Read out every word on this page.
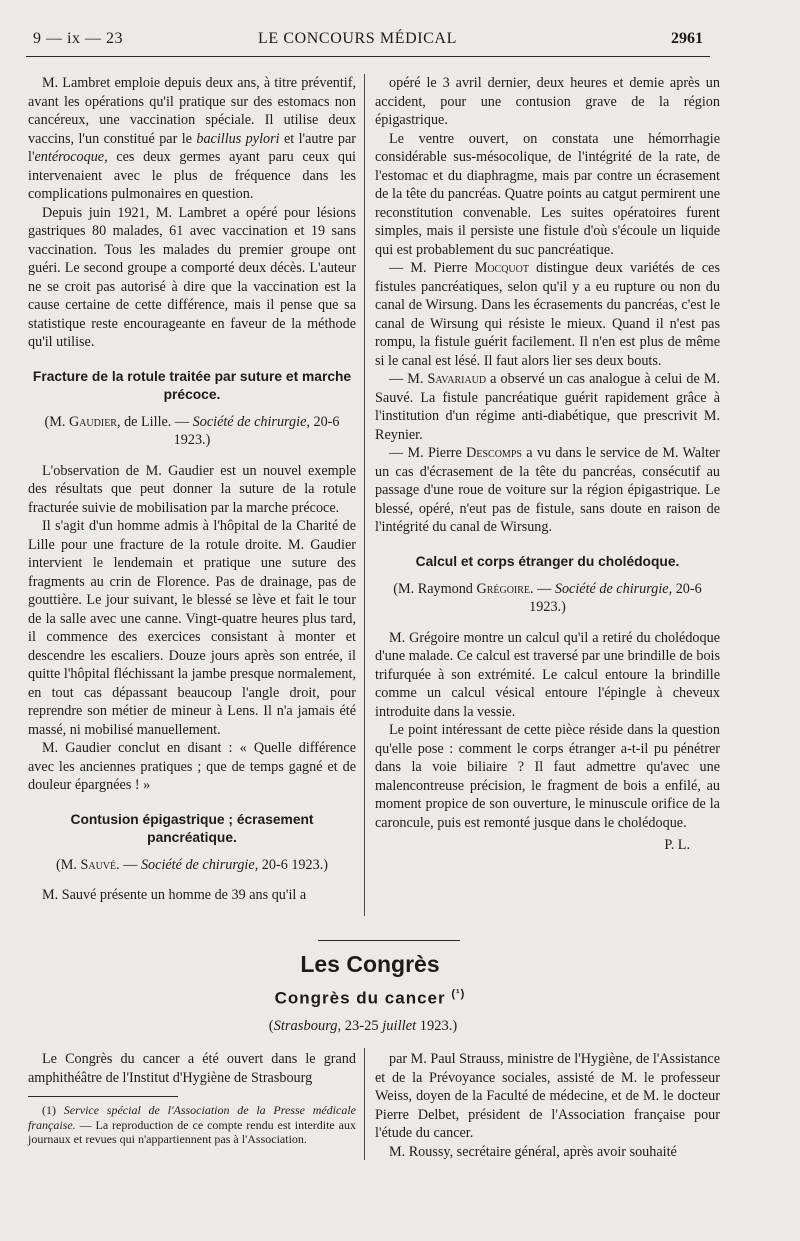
9 — ix — 23	LE CONCOURS MÉDICAL	2961

M. Lambret emploie depuis deux ans, à titre préventif, avant les opérations qu'il pratique sur des estomacs non cancéreux, une vaccination spéciale. Il utilise deux vaccins, l'un constitué par le bacillus pylori et l'autre par l'entérocoque, ces deux germes ayant paru ceux qui intervenaient avec le plus de fréquence dans les complications pulmonaires en question.

Depuis juin 1921, M. Lambret a opéré pour lésions gastriques 80 malades, 61 avec vaccination et 19 sans vaccination. Tous les malades du premier groupe ont guéri. Le second groupe a comporté deux décès. L'auteur ne se croit pas autorisé à dire que la vaccination est la cause certaine de cette différence, mais il pense que sa statistique reste encourageante en faveur de la méthode qu'il utilise.

Fracture de la rotule traitée par suture et marche précoce.
(M. Gaudier, de Lille. — Société de chirurgie, 20-6 1923.)

L'observation de M. Gaudier est un nouvel exemple des résultats que peut donner la suture de la rotule fracturée suivie de mobilisation par la marche précoce.

Il s'agit d'un homme admis à l'hôpital de la Charité de Lille pour une fracture de la rotule droite. M. Gaudier intervient le lendemain et pratique une suture des fragments au crin de Florence. Pas de drainage, pas de gouttière. Le jour suivant, le blessé se lève et fait le tour de la salle avec une canne. Vingt-quatre heures plus tard, il commence des exercices consistant à monter et descendre les escaliers. Douze jours après son entrée, il quitte l'hôpital fléchissant la jambe presque normalement, en tout cas dépassant beaucoup l'angle droit, pour reprendre son métier de mineur à Lens. Il n'a jamais été massé, ni mobilisé manuellement.

M. Gaudier conclut en disant : « Quelle différence avec les anciennes pratiques ; que de temps gagné et de douleur épargnées ! »

Contusion épigastrique ; écrasement pancréatique.
(M. Sauvé. — Société de chirurgie, 20-6 1923.)

M. Sauvé présente un homme de 39 ans qu'il a

opéré le 3 avril dernier, deux heures et demie après un accident, pour une contusion grave de la région épigastrique.

Le ventre ouvert, on constata une hémorrhagie considérable sus-mésocolique, de l'intégrité de la rate, de l'estomac et du diaphragme, mais par contre un écrasement de la tête du pancréas. Quatre points au catgut permirent une reconstitution convenable. Les suites opératoires furent simples, mais il persiste une fistule d'où s'écoule un liquide qui est probablement du suc pancréatique.

— M. Pierre Mocquot distingue deux variétés de ces fistules pancréatiques, selon qu'il y a eu rupture ou non du canal de Wirsung. Dans les écrasements du pancréas, c'est le canal de Wirsung qui résiste le mieux. Quand il n'est pas rompu, la fistule guérit facilement. Il n'en est plus de même si le canal est lésé. Il faut alors lier ses deux bouts.

— M. Savariaud a observé un cas analogue à celui de M. Sauvé. La fistule pancréatique guérit rapidement grâce à l'institution d'un régime anti-diabétique, que prescrivit M. Reynier.

— M. Pierre Descomps a vu dans le service de M. Walter un cas d'écrasement de la tête du pancréas, consécutif au passage d'une roue de voiture sur la région épigastrique. Le blessé, opéré, n'eut pas de fistule, sans doute en raison de l'intégrité du canal de Wirsung.

Calcul et corps étranger du cholédoque.
(M. Raymond Grégoire. — Société de chirurgie, 20-6 1923.)

M. Grégoire montre un calcul qu'il a retiré du cholédoque d'une malade. Ce calcul est traversé par une brindille de bois trifurquée à son extrémité. Le calcul entoure la brindille comme un calcul vésical entoure l'épingle à cheveux introduite dans la vessie.

Le point intéressant de cette pièce réside dans la question qu'elle pose : comment le corps étranger a-t-il pu pénétrer dans la voie biliaire ? Il faut admettre qu'avec une malencontreuse précision, le fragment de bois a enfilé, au moment propice de son ouverture, le minuscule orifice de la caroncule, puis est remonté jusque dans le cholédoque.

P. L.
Les Congrès
Congrès du cancer $^{(^1)}$
(Strasbourg, 23-25 juillet 1923.)

Le Congrès du cancer a été ouvert dans le grand amphithéâtre de l'Institut d'Hygiène de Strasbourg

(1) Service spécial de l'Association de la Presse médicale française. — La reproduction de ce compte rendu est interdite aux journaux et revues qui n'appartiennent pas à l'Association.

par M. Paul Strauss, ministre de l'Hygiène, de l'Assistance et de la Prévoyance sociales, assisté de M. le professeur Weiss, doyen de la Faculté de médecine, et de M. le docteur Pierre Delbet, président de l'Association française pour l'étude du cancer.

M. Roussy, secrétaire général, après avoir souhaité
